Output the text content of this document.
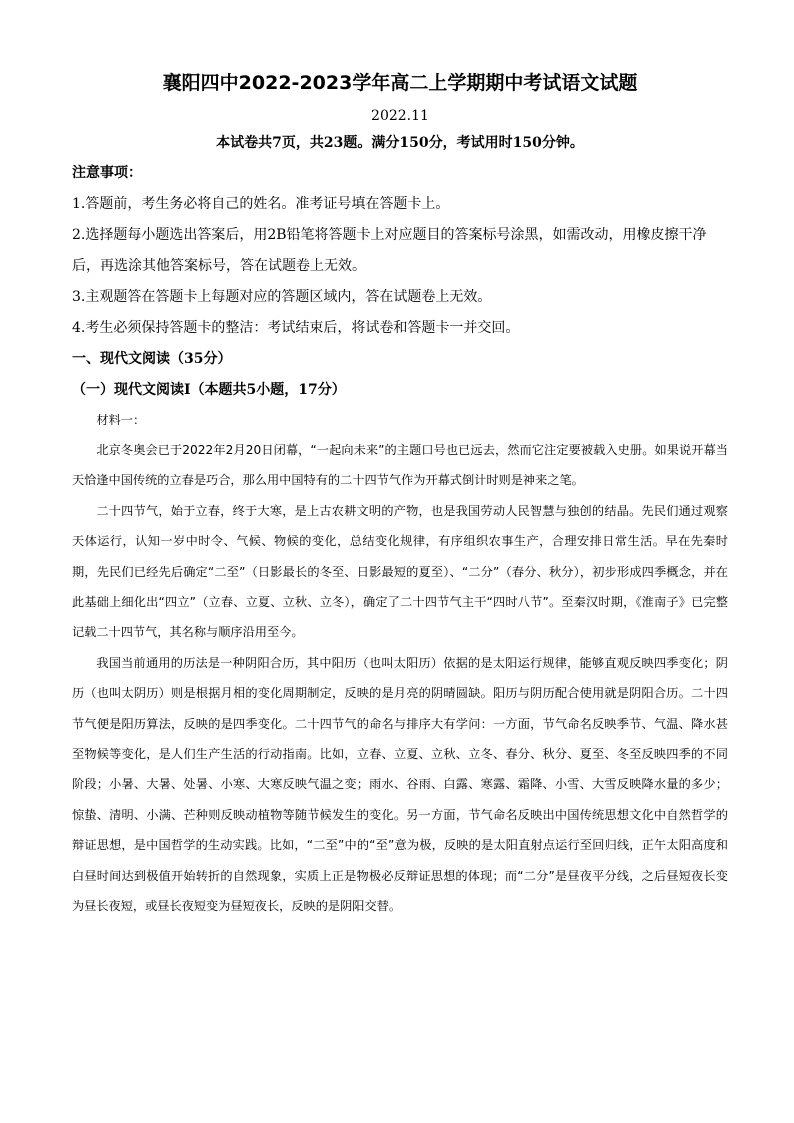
襄阳四中2022-2023学年高二上学期期中考试语文试题
2022.11
本试卷共7页，共23题。满分150分，考试用时150分钟。

注意事项：

1.答题前，考生务必将自己的姓名。准考证号填在答题卡上。

2.选择题每小题选出答案后，用2B铅笔将答题卡上对应题目的答案标号涂黑，如需改动，用橡皮擦干净后，再选涂其他答案标号，答在试题卷上无效。

3.主观题答在答题卡上每题对应的答题区域内，答在试题卷上无效。

4.考生必须保持答题卡的整洁：考试结束后，将试卷和答题卡一并交回。

一、现代文阅读（35分）

（一）现代文阅读Ⅰ（本题共5小题，17分）

材料一：

北京冬奥会已于2022年2月20日闭幕，“一起向未来”的主题口号也已远去，然而它注定要被载入史册。如果说开幕当天恰逢中国传统的立春是巧合，那么用中国特有的二十四节气作为开幕式倒计时则是神来之笔。

二十四节气，始于立春，终于大寒，是上古农耕文明的产物，也是我国劳动人民智慧与独创的结晶。先民们通过观察天体运行，认知一岁中时令、气候、物候的变化，总结变化规律，有序组织农事生产，合理安排日常生活。早在先秦时期，先民们已经先后确定“二至”（日影最长的冬至、日影最短的夏至）、“二分”（春分、秋分），初步形成四季概念，并在此基础上细化出“四立”（立春、立夏、立秋、立冬），确定了二十四节气主干“四时八节”。至秦汉时期，《淮南子》已完整记载二十四节气，其名称与顺序沿用至今。

我国当前通用的历法是一种阴阳合历，其中阳历（也叫太阳历）依据的是太阳运行规律，能够直观反映四季变化；阴历（也叫太阴历）则是根据月相的变化周期制定，反映的是月亮的阴晴圆缺。阳历与阴历配合使用就是阴阳合历。二十四节气便是阳历算法，反映的是四季变化。二十四节气的命名与排序大有学问：一方面，节气命名反映季节、气温、降水甚至物候等变化，是人们生产生活的行动指南。比如，立春、立夏、立秋、立冬、春分、秋分、夏至、冬至反映四季的不同阶段；小暑、大暑、处暑、小寒、大寒反映气温之变；雨水、谷雨、白露、寒露、霜降、小雪、大雪反映降水量的多少；惊蛰、清明、小满、芒种则反映动植物等随节候发生的变化。另一方面，节气命名反映出中国传统思想文化中自然哲学的辩证思想，是中国哲学的生动实践。比如，“二至”中的“至”意为极，反映的是太阳直射点运行至回归线，正午太阳高度和白昼时间达到极值开始转折的自然现象，实质上正是物极必反辩证思想的体现；而“二分”是昼夜平分线，之后昼短夜长变为昼长夜短，或昼长夜短变为昼短夜长，反映的是阴阳交替。
